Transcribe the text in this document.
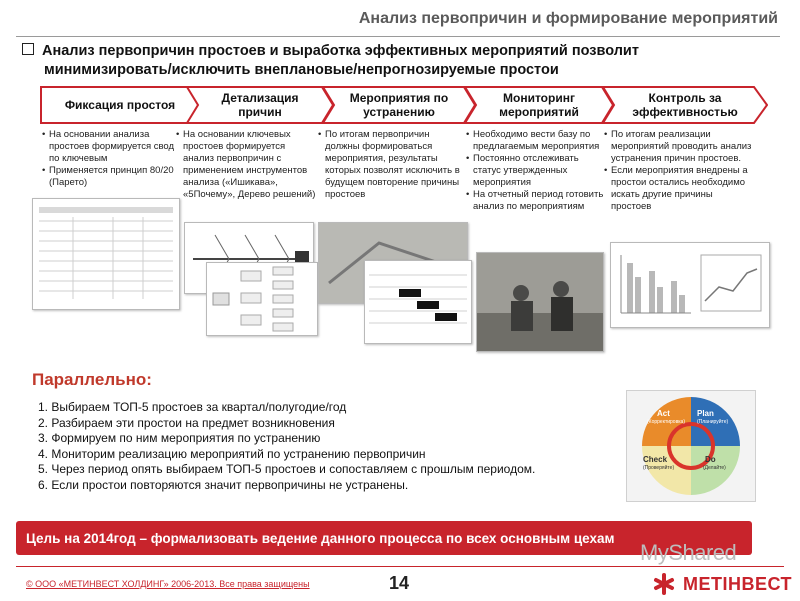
Анализ первопричин и формирование мероприятий
Анализ первопричин простоев и выработка эффективных мероприятий позволит
минимизировать/исключить внеплановые/непрогнозируемые простои
Фиксация простоя	Детализация причин
Мероприятия по устранению
Мониторинг мероприятий
Контроль за эффективностью
• На основании анализа простоев формируется свод по ключевым
• Применяется принцип 80/20 (Парето)
• На основании ключевых простоев формируется анализ первопричин с применением инструментов анализа («Ишикава», «5Почему», Дерево решений)
• По итогам первопричин должны формироваться мероприятия, результаты которых позволят исключить в будущем повторение причины простоев
• Необходимо вести базу по предлагаемым мероприятия
• Постоянно отслеживать статус утвержденных мероприятия
• На отчетный период готовить анализ по мероприятиям
• По итогам реализации мероприятий проводить анализ устранения причин простоев.
• Если мероприятия внедрены а простои остались необходимо искать другие причины простоев
Параллельно:
1. Выбираем ТОП-5 простоев за квартал/полугодие/год
2. Разбираем эти простои на предмет возникновения
3. Формируем по ним мероприятия по устранению
4. Мониторим реализацию мероприятий по устранению первопричин
5. Через период опять выбираем ТОП-5 простоев и сопоставляем с прошлым периодом.
6. Если простои повторяются значит первопричины не устранены.
Act
(Корректировка)
Plan
(Планируйте)
Check
(Проверяйте)
Do
(Делайте)
Цель на 2014год – формализовать ведение данного процесса по всех основным цехам
MyShared
© ООО «МЕТИНВЕСТ ХОЛДИНГ» 2006-2013. Все права защищены	14	МЕТІНВЕСТ
